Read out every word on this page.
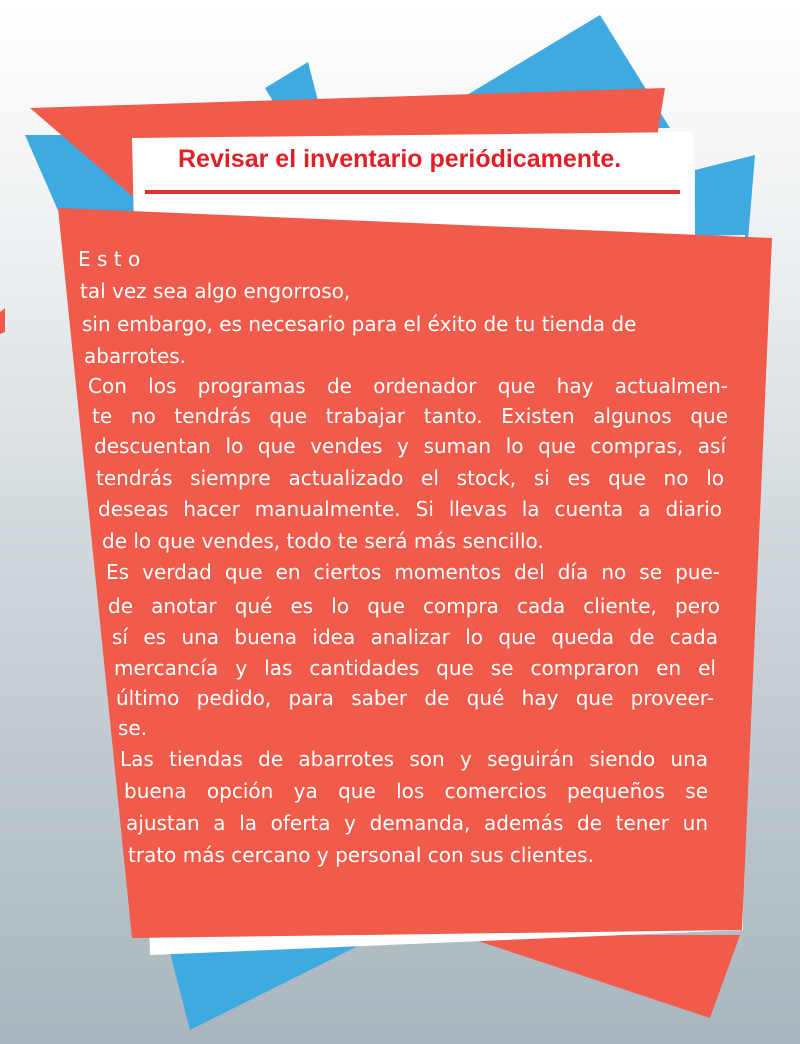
Revisar el inventario periódicamente.
E s t o
tal vez sea algo engorroso,
sin embargo, es necesario para el éxito de tu tienda de
abarrotes.
Con los programas de ordenador que hay actualmen-
te no tendrás que trabajar tanto. Existen algunos que
descuentan lo que vendes y suman lo que compras, así
tendrás siempre actualizado el stock, si es que no lo
deseas hacer manualmente. Si llevas la cuenta a diario
de lo que vendes, todo te será más sencillo.
Es verdad que en ciertos momentos del día no se pue-
de anotar qué es lo que compra cada cliente, pero
sí es una buena idea analizar lo que queda de cada
mercancía y las cantidades que se compraron en el
último pedido, para saber de qué hay que proveer-
se.
Las tiendas de abarrotes son y seguirán siendo una
buena opción ya que los comercios pequeños se
ajustan a la oferta y demanda, además de tener un
trato más cercano y personal con sus clientes.
